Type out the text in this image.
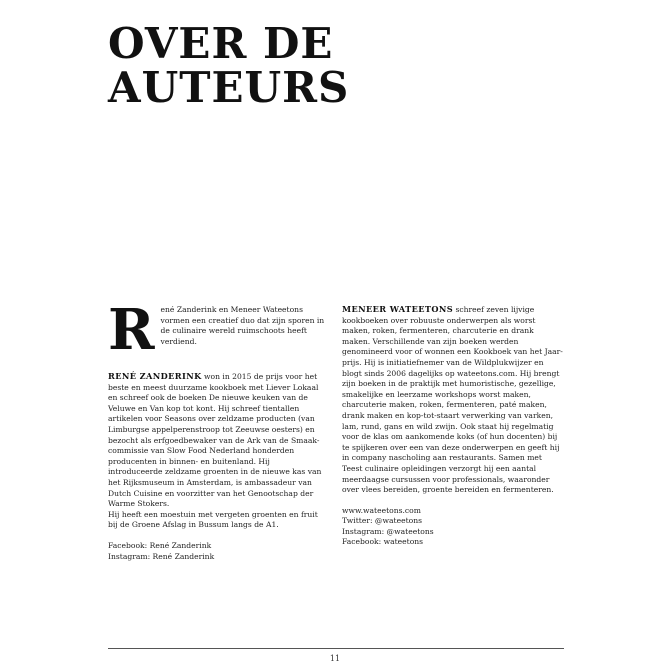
OVER DE
AUTEURS
R ené Zanderink en Meneer Wateetons vormen een creatief duo dat zijn sporen in de culinaire wereld ruimschoots heeft verdiend.

RENÉ ZANDERINK won in 2015 de prijs voor het beste en meest duurzame kookboek met Liever Lokaal en schreef ook de boeken De nieuwe keuken van de Veluwe en Van kop tot kont. Hij schreef tientallen artikelen voor Seasons over zeldzame producten (van Limburgse appelperenstroop tot Zeeuwse oesters) en bezocht als erfgoedbewaker van de Ark van de Smaak-commissie van Slow Food Nederland honderden producenten in binnen- en buitenland. Hij introduceerde zeldzame groenten in de nieuwe kas van het Rijksmuseum in Amsterdam, is ambassadeur van Dutch Cuisine en voorzitter van het Genootschap der Warme Stokers.

Hij heeft een moestuin met vergeten groenten en fruit bij de Groene Afslag in Bussum langs de A1.

Facebook: René Zanderink

Instagram: René Zanderink

MENEER WATEETONS schreef zeven lijvige kookboeken over robuuste onderwerpen als worst maken, roken, fermenteren, charcuterie en drank maken. Verschillende van zijn boeken werden genomineerd voor of wonnen een Kookboek van het Jaar-prijs. Hij is initiatiefnemer van de Wildplukwijzer en blogt sinds 2006 dagelijks op wateetons.com. Hij brengt zijn boeken in de praktijk met humoristische, gezellige, smakelijke en leerzame workshops worst maken, charcuterie maken, roken, fermenteren, paté maken, drank maken en kop-tot-staart verwerking van varken, lam, rund, gans en wild zwijn. Ook staat hij regelmatig voor de klas om aankomende koks (of hun docenten) bij te spijkeren over een van deze onderwerpen en geeft hij in company nascholing aan restaurants. Samen met Teest culinaire opleidingen verzorgt hij een aantal meerdaagse cursussen voor professionals, waaronder over vlees bereiden, groente bereiden en fermenteren.

www.wateetons.com

Twitter: @wateetons

Instagram: @wateetons

Facebook: wateetons

11
